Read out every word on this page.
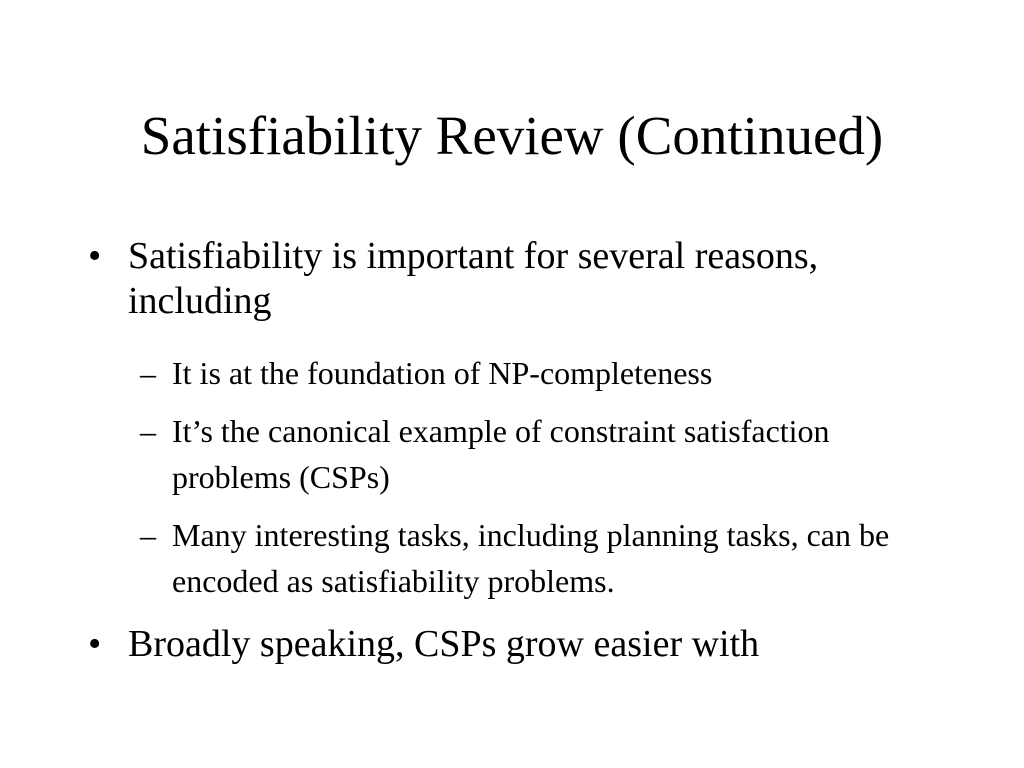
Satisfiability Review (Continued)
• Satisfiability is important for several reasons, including
– It is at the foundation of NP-completeness
– It’s the canonical example of constraint satisfaction problems (CSPs)
– Many interesting tasks, including planning tasks, can be encoded as satisfiability problems.
• Broadly speaking, CSPs grow easier with
